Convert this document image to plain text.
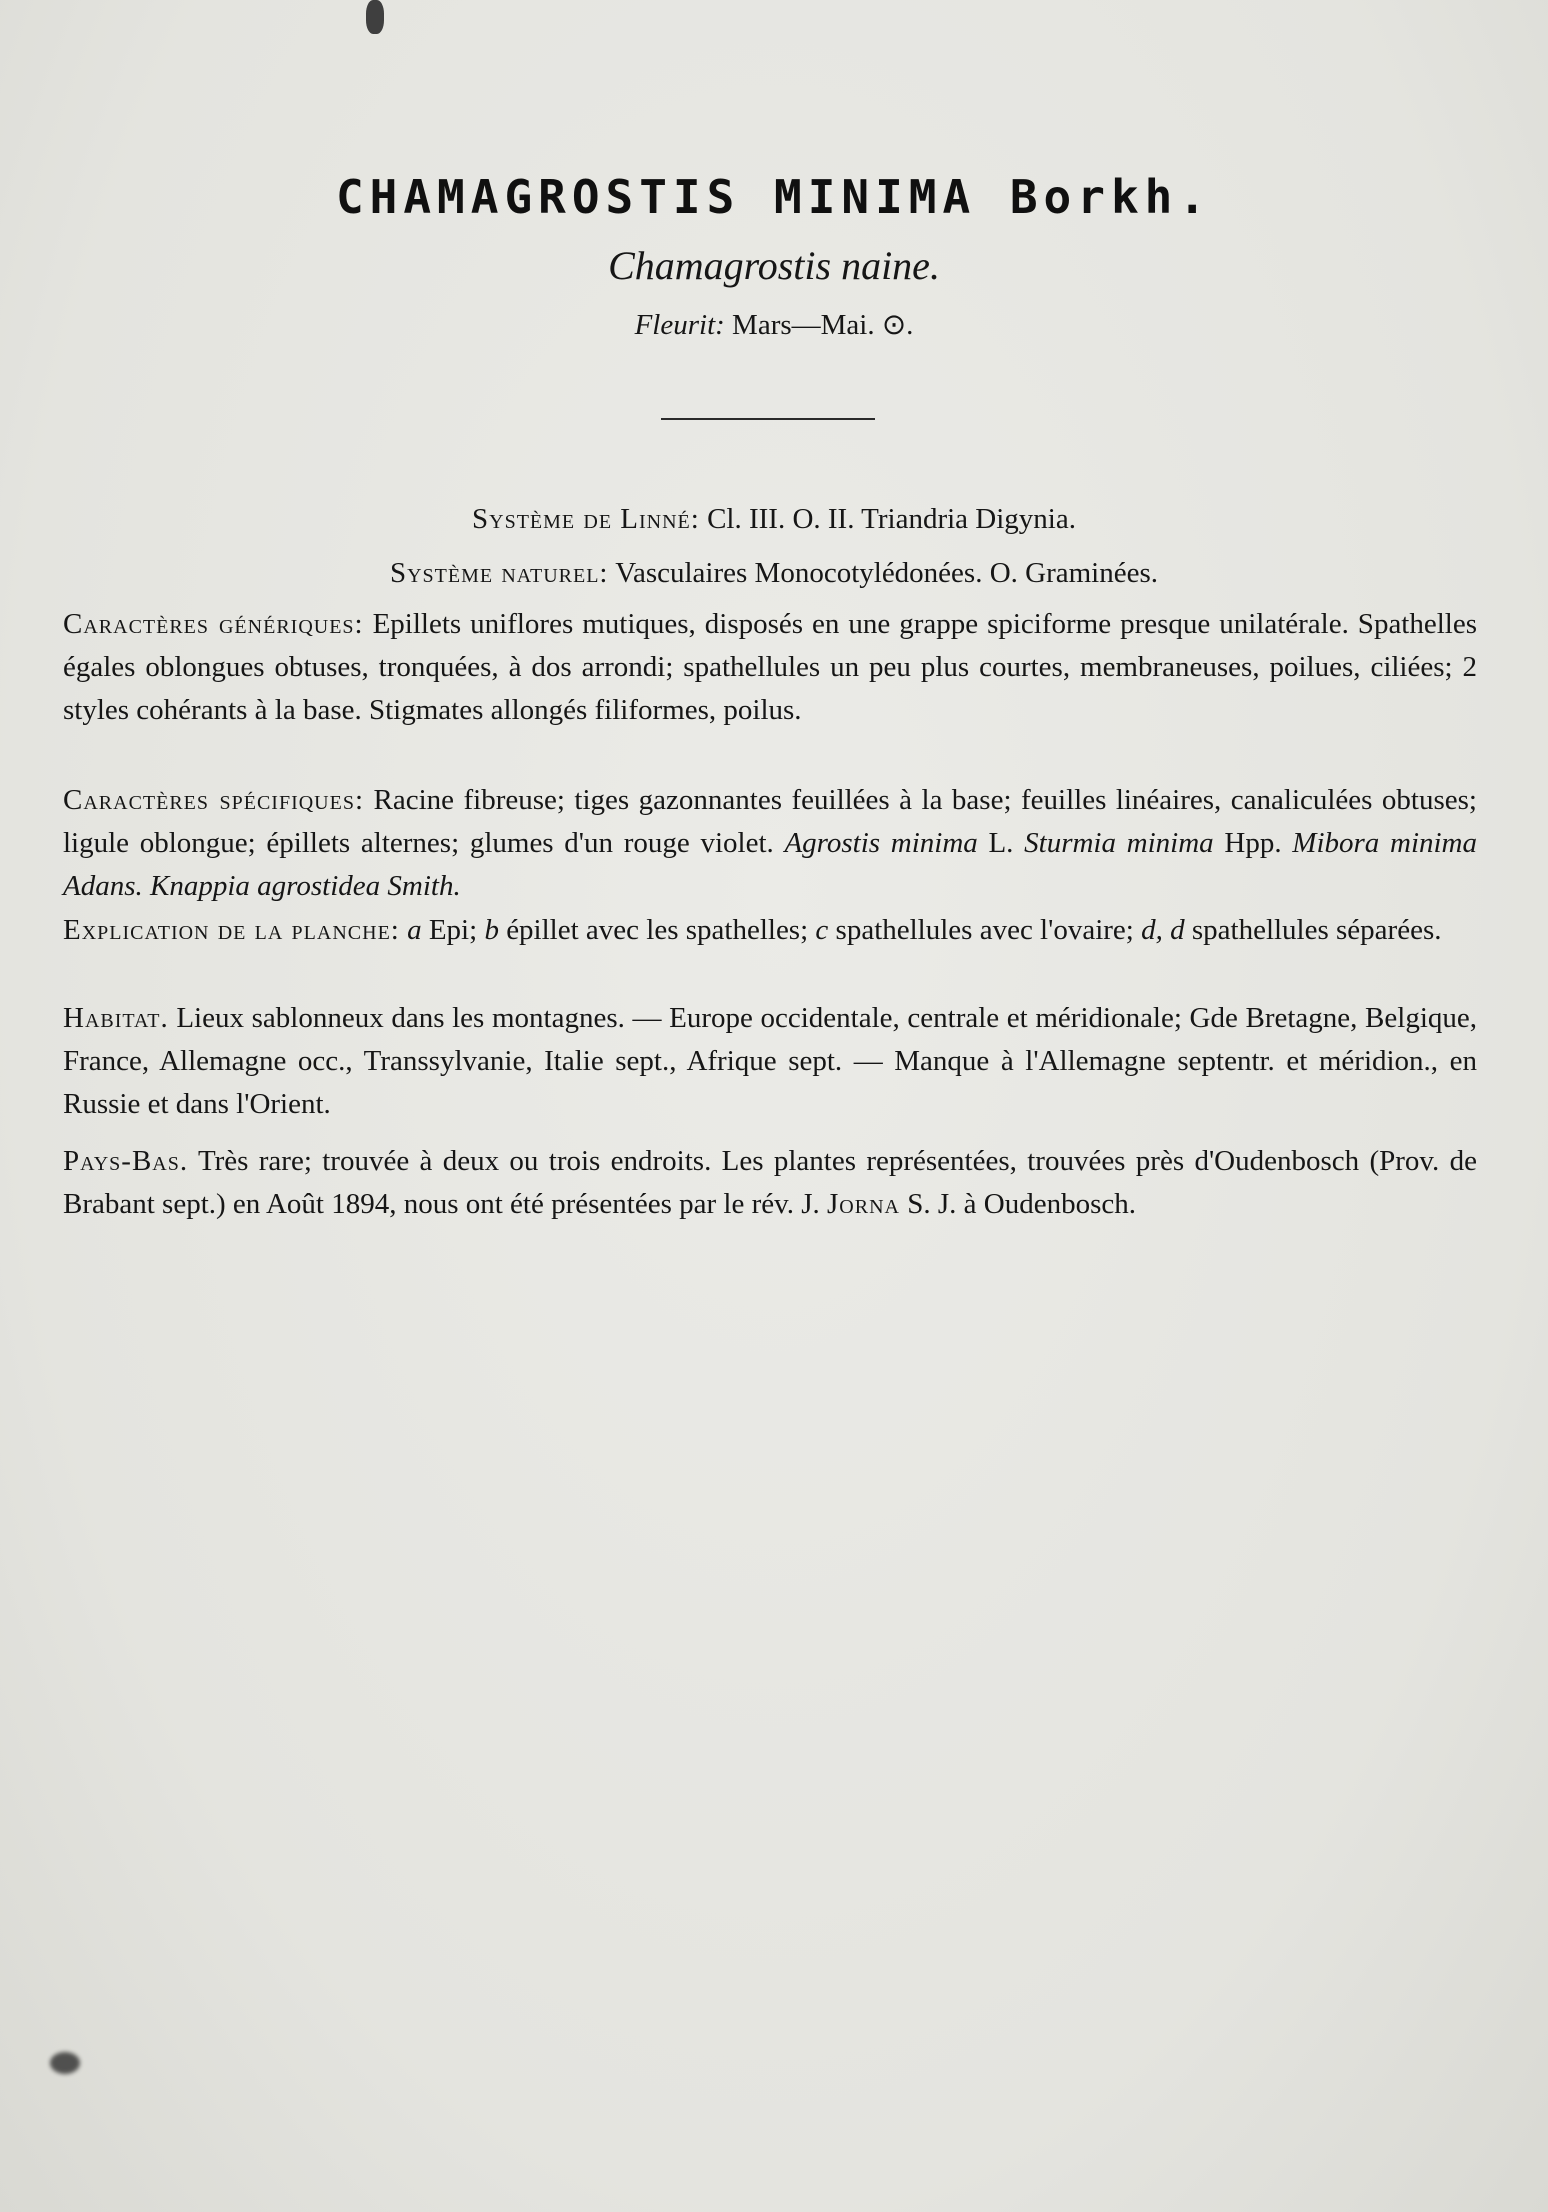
CHAMAGROSTIS MINIMA Borkh.
Chamagrostis naine.
Fleurit: Mars—Mai. ⊙.
Système de Linné: Cl. III. O. II. Triandria Digynia.
Système naturel: Vasculaires Monocotylédonées. O. Graminées.
Caractères génériques: Epillets uniflores mutiques, disposés en une grappe spiciforme presque unilatérale. Spathelles égales oblongues obtuses, tronquées, à dos arrondi; spathellules un peu plus courtes, membraneuses, poilues, ciliées; 2 styles cohérants à la base. Stigmates allongés filiformes, poilus.
Caractères spécifiques: Racine fibreuse; tiges gazonnantes feuillées à la base; feuilles linéaires, canaliculées obtuses; ligule oblongue; épillets alternes; glumes d'un rouge violet. Agrostis minima L. Sturmia minima Hpp. Mibora minima Adans. Knappia agrostidea Smith.
Explication de la planche: a Epi; b épillet avec les spathelles; c spathellules avec l'ovaire; d, d spathellules séparées.
Habitat. Lieux sablonneux dans les montagnes. — Europe occidentale, centrale et méridionale; Gde Bretagne, Belgique, France, Allemagne occ., Transsylvanie, Italie sept., Afrique sept. — Manque à l'Allemagne septentr. et méridion., en Russie et dans l'Orient.
Pays-Bas. Très rare; trouvée à deux ou trois endroits. Les plantes représentées, trouvées près d'Oudenbosch (Prov. de Brabant sept.) en Août 1894, nous ont été présentées par le rév. J. Jorna S. J. à Oudenbosch.
